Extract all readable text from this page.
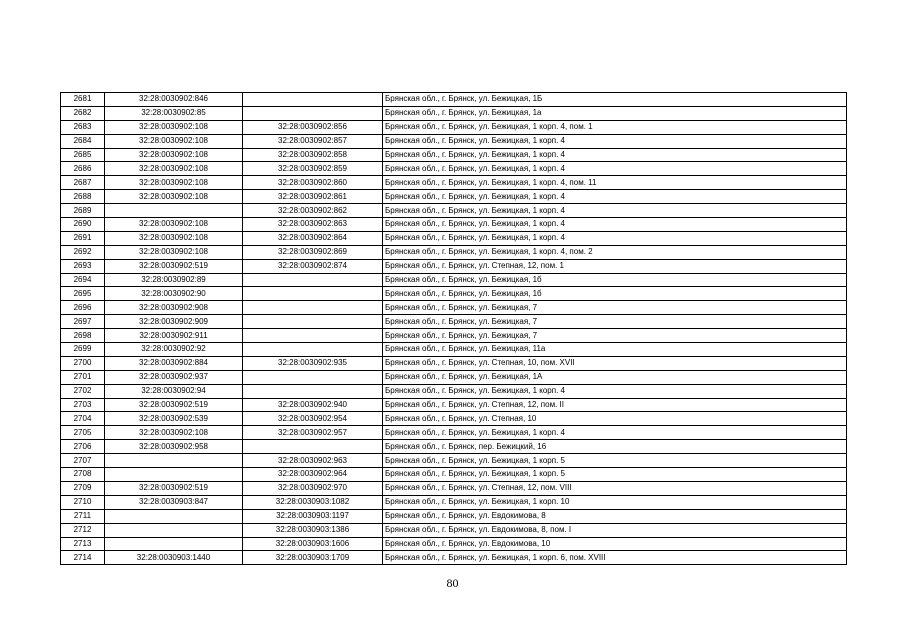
2681	32:28:0030902:846		Брянская обл., г. Брянск, ул. Бежицкая, 1Б
2682	32:28:0030902:85		Брянская обл., г. Брянск, ул. Бежицкая, 1а
2683	32:28:0030902:108	32:28:0030902:856	Брянская обл., г. Брянск, ул. Бежицкая, 1 корп. 4, пом. 1
2684	32:28:0030902:108	32:28:0030902:857	Брянская обл., г. Брянск, ул. Бежицкая, 1 корп. 4
2685	32:28:0030902:108	32:28:0030902:858	Брянская обл., г. Брянск, ул. Бежицкая, 1 корп. 4
2686	32:28:0030902:108	32:28:0030902:859	Брянская обл., г. Брянск, ул. Бежицкая, 1 корп. 4
2687	32:28:0030902:108	32:28:0030902:860	Брянская обл., г. Брянск, ул. Бежицкая, 1 корп. 4, пом. 11
2688	32:28:0030902:108	32:28:0030902:861	Брянская обл., г. Брянск, ул. Бежицкая, 1 корп. 4
2689		32:28:0030902:862	Брянская обл., г. Брянск, ул. Бежицкая, 1 корп. 4
2690	32:28:0030902:108	32:28:0030902:863	Брянская обл., г. Брянск, ул. Бежицкая, 1 корп. 4
2691	32:28:0030902:108	32:28:0030902:864	Брянская обл., г. Брянск, ул. Бежицкая, 1 корп. 4
2692	32:28:0030902:108	32:28:0030902:869	Брянская обл., г. Брянск, ул. Бежицкая, 1 корп. 4, пом. 2
2693	32:28:0030902:519	32:28:0030902:874	Брянская обл., г. Брянск, ул. Степная, 12, пом. 1
2694	32:28:0030902:89		Брянская обл., г. Брянск, ул. Бежицкая, 1б
2695	32:28:0030902:90		Брянская обл., г. Брянск, ул. Бежицкая, 1б
2696	32:28:0030902:908		Брянская обл., г. Брянск, ул. Бежицкая, 7
2697	32:28:0030902:909		Брянская обл., г. Брянск, ул. Бежицкая, 7
2698	32:28:0030902:911		Брянская обл., г. Брянск, ул. Бежицкая, 7
2699	32:28:0030902:92		Брянская обл., г. Брянск, ул. Бежицкая, 11а
2700	32:28:0030902:884	32:28:0030902:935	Брянская обл., г. Брянск, ул. Степная, 10, пом. XVII
2701	32:28:0030902:937		Брянская обл., г. Брянск, ул. Бежицкая, 1А
2702	32:28:0030902:94		Брянская обл., г. Брянск, ул. Бежицкая, 1 корп. 4
2703	32:28:0030902:519	32:28:0030902:940	Брянская обл., г. Брянск, ул. Степная, 12, пом. II
2704	32:28:0030902:539	32:28:0030902:954	Брянская обл., г. Брянск, ул. Степная, 10
2705	32:28:0030902:108	32:28:0030902:957	Брянская обл., г. Брянск, ул. Бежицкая, 1 корп. 4
2706	32:28:0030902:958		Брянская обл., г. Брянск, пер. Бежицкий, 16
2707		32:28:0030902:963	Брянская обл., г. Брянск, ул. Бежицкая, 1 корп. 5
2708		32:28:0030902:964	Брянская обл., г. Брянск, ул. Бежицкая, 1 корп. 5
2709	32:28:0030902:519	32:28:0030902:970	Брянская обл., г. Брянск, ул. Степная, 12, пом. VIII
2710	32:28:0030903:847	32:28:0030903:1082	Брянская обл., г. Брянск, ул. Бежицкая, 1 корп. 10
2711		32:28:0030903:1197	Брянская обл., г. Брянск, ул. Евдокимова, 8
2712		32:28:0030903:1386	Брянская обл., г. Брянск, ул. Евдокимова, 8, пом. I
2713		32:28:0030903:1606	Брянская обл., г. Брянск, ул. Евдокимова, 10
2714	32:28:0030903:1440	32:28:0030903:1709	Брянская обл., г. Брянск, ул. Бежицкая, 1 корп. 6, пом. XVIII
80
